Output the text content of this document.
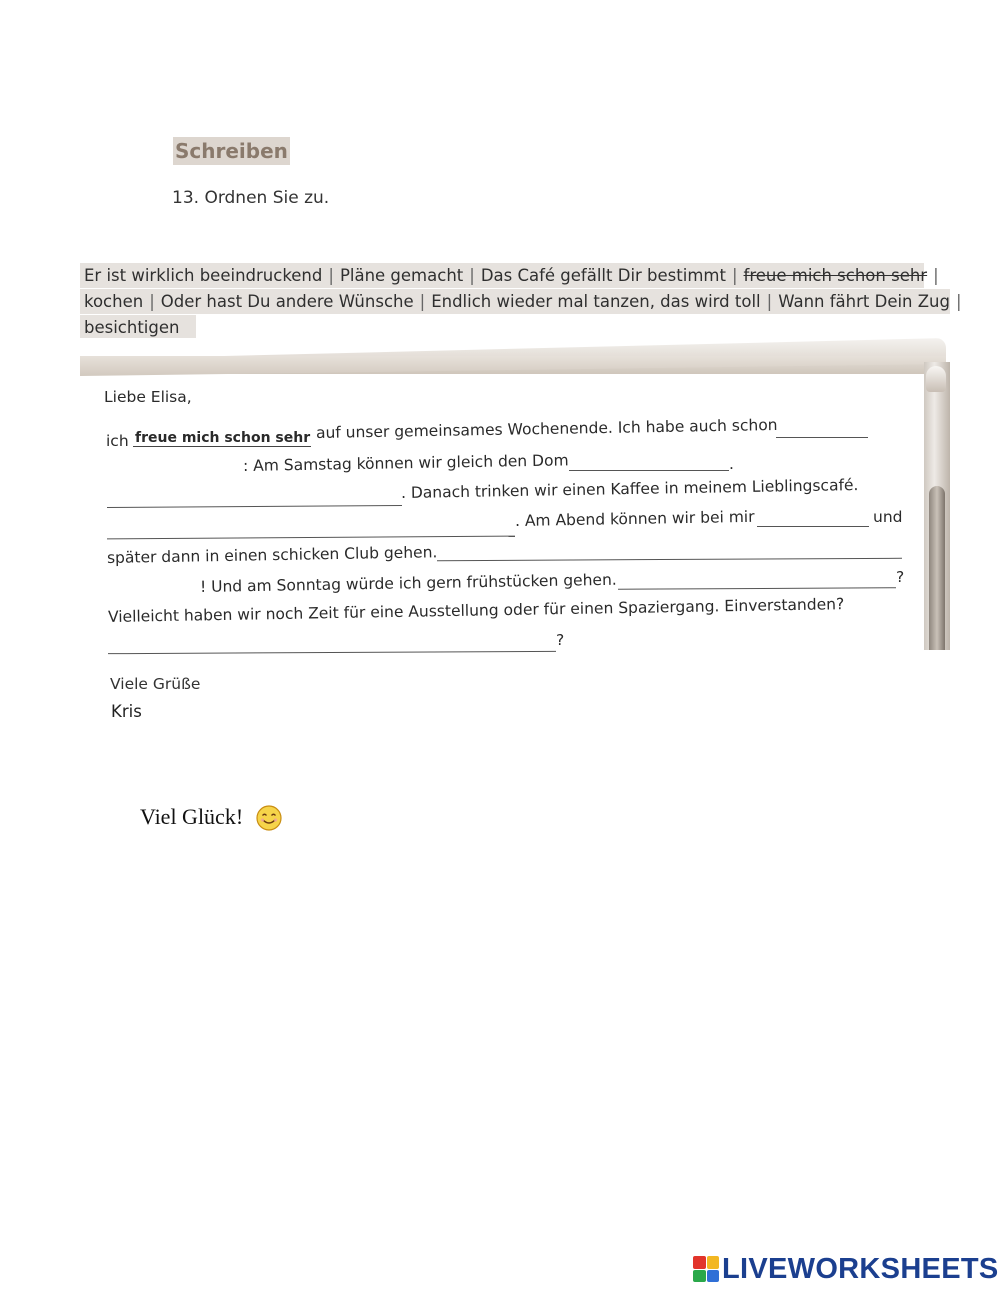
Schreiben
13. Ordnen Sie zu.
Er ist wirklich beeindruckend | Pläne gemacht | Das Café gefällt Dir bestimmt | freue mich schon sehr |
kochen | Oder hast Du andere Wünsche | Endlich wieder mal tanzen, das wird toll | Wann fährt Dein Zug |
besichtigen
Liebe Elisa,
ich freue mich schon sehr auf unser gemeinsames Wochenende. Ich habe auch schon
: Am Samstag können wir gleich den Dom	.
. Danach trinken wir einen Kaffee in meinem Lieblingscafé.
. Am Abend können wir bei mir	und
später dann in einen schicken Club gehen.
! Und am Sonntag würde ich gern frühstücken gehen.	?
Vielleicht haben wir noch Zeit für eine Ausstellung oder für einen Spaziergang. Einverstanden?
?
Viele Grüße
Kris
Viel Glück!
LIVEWORKSHEETS
